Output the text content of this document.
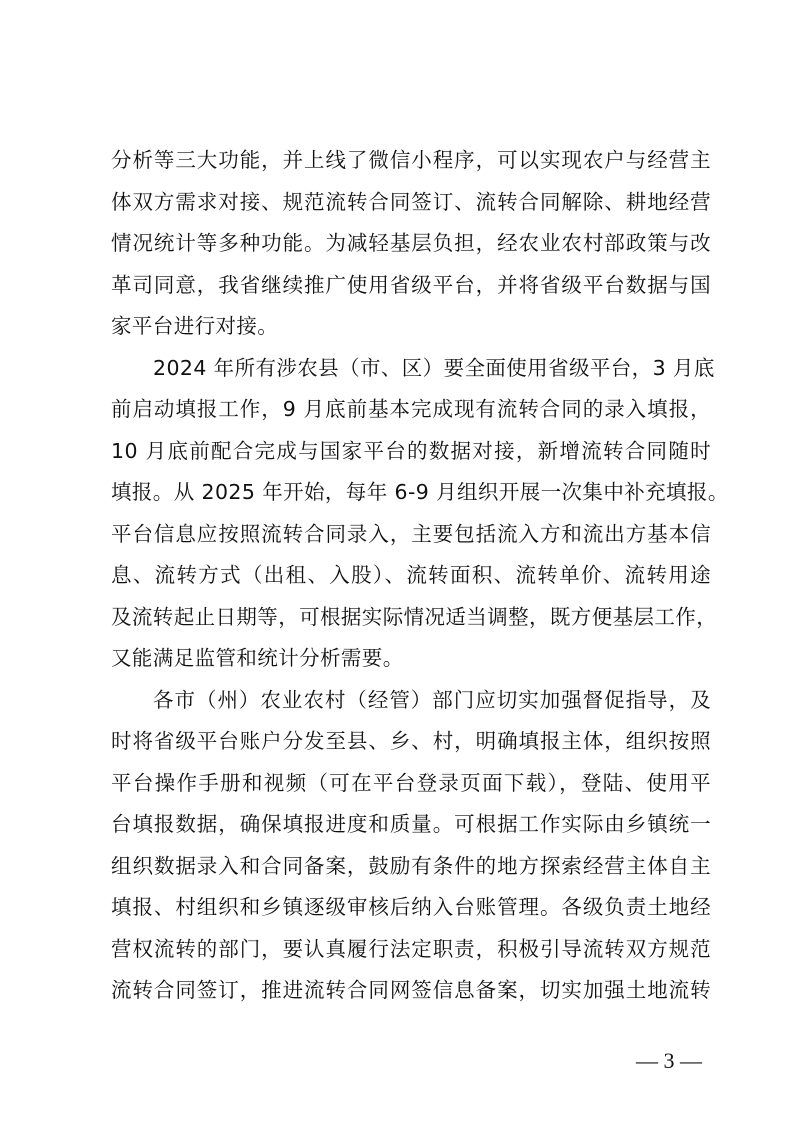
分析等三大功能，并上线了微信小程序，可以实现农户与经营主
体双方需求对接、规范流转合同签订、流转合同解除、耕地经营
情况统计等多种功能。为减轻基层负担，经农业农村部政策与改
革司同意，我省继续推广使用省级平台，并将省级平台数据与国
家平台进行对接。
2024 年所有涉农县（市、区）要全面使用省级平台，3 月底
前启动填报工作，9 月底前基本完成现有流转合同的录入填报，
10 月底前配合完成与国家平台的数据对接，新增流转合同随时
填报。从 2025 年开始，每年 6-9 月组织开展一次集中补充填报。
平台信息应按照流转合同录入，主要包括流入方和流出方基本信
息、流转方式（出租、入股）、流转面积、流转单价、流转用途
及流转起止日期等，可根据实际情况适当调整，既方便基层工作，
又能满足监管和统计分析需要。
各市（州）农业农村（经管）部门应切实加强督促指导，及
时将省级平台账户分发至县、乡、村，明确填报主体，组织按照
平台操作手册和视频（可在平台登录页面下载），登陆、使用平
台填报数据，确保填报进度和质量。可根据工作实际由乡镇统一
组织数据录入和合同备案，鼓励有条件的地方探索经营主体自主
填报、村组织和乡镇逐级审核后纳入台账管理。各级负责土地经
营权流转的部门，要认真履行法定职责，积极引导流转双方规范
流转合同签订，推进流转合同网签信息备案，切实加强土地流转
— 3 —
